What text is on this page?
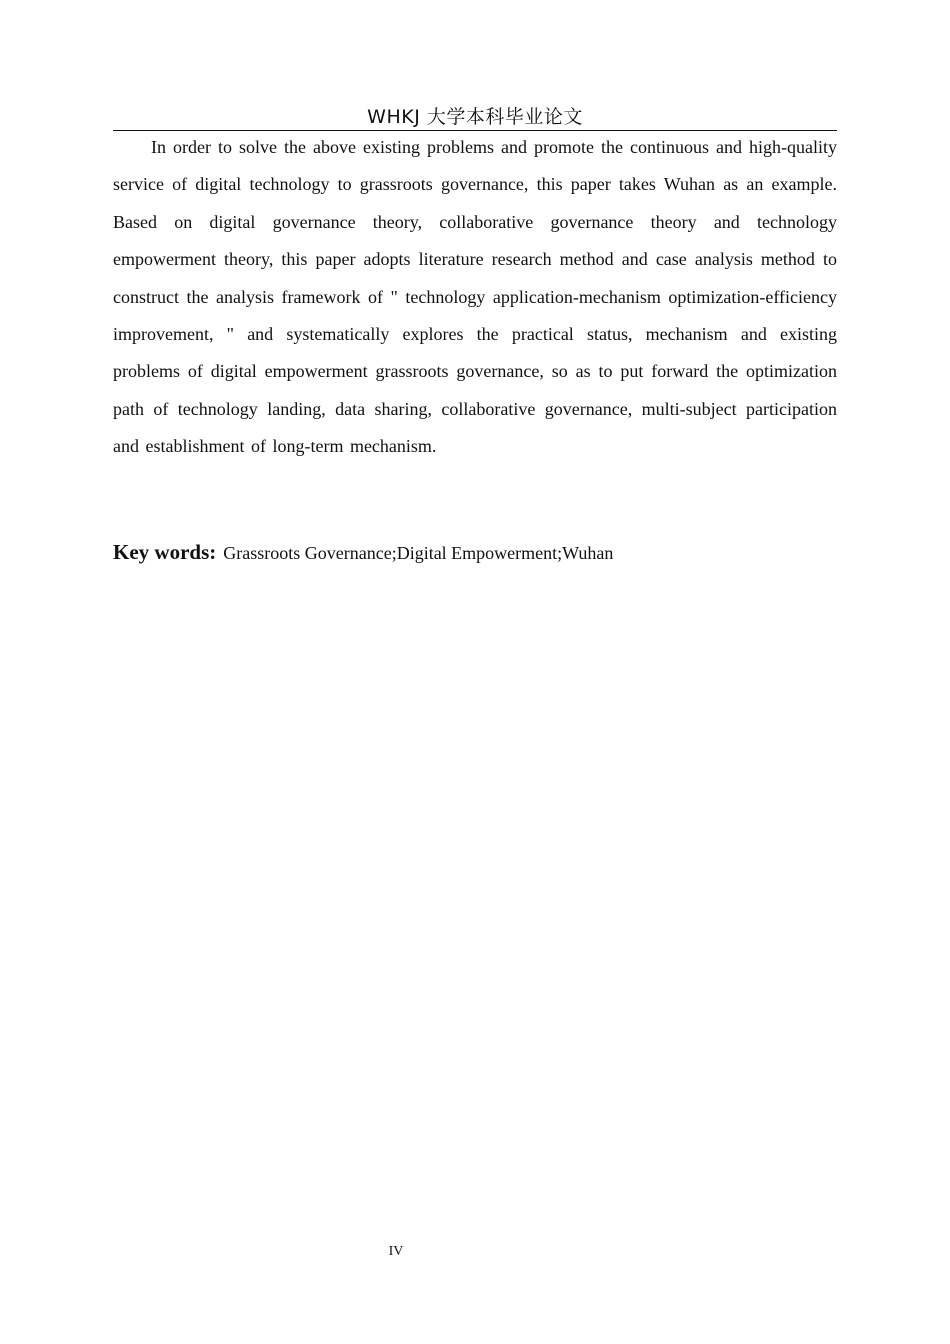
WHKJ 大学本科毕业论文

In order to solve the above existing problems and promote the continuous and high-quality service of digital technology to grassroots governance, this paper takes Wuhan as an example. Based on digital governance theory, collaborative governance theory and technology empowerment theory, this paper adopts literature research method and case analysis method to construct the analysis framework of " technology application-mechanism optimization-efficiency improvement, " and systematically explores the practical status, mechanism and existing problems of digital empowerment grassroots governance, so as to put forward the optimization path of technology landing, data sharing, collaborative governance, multi-subject participation and establishment of long-term mechanism.

Key words: Grassroots Governance;Digital Empowerment;Wuhan
IV
